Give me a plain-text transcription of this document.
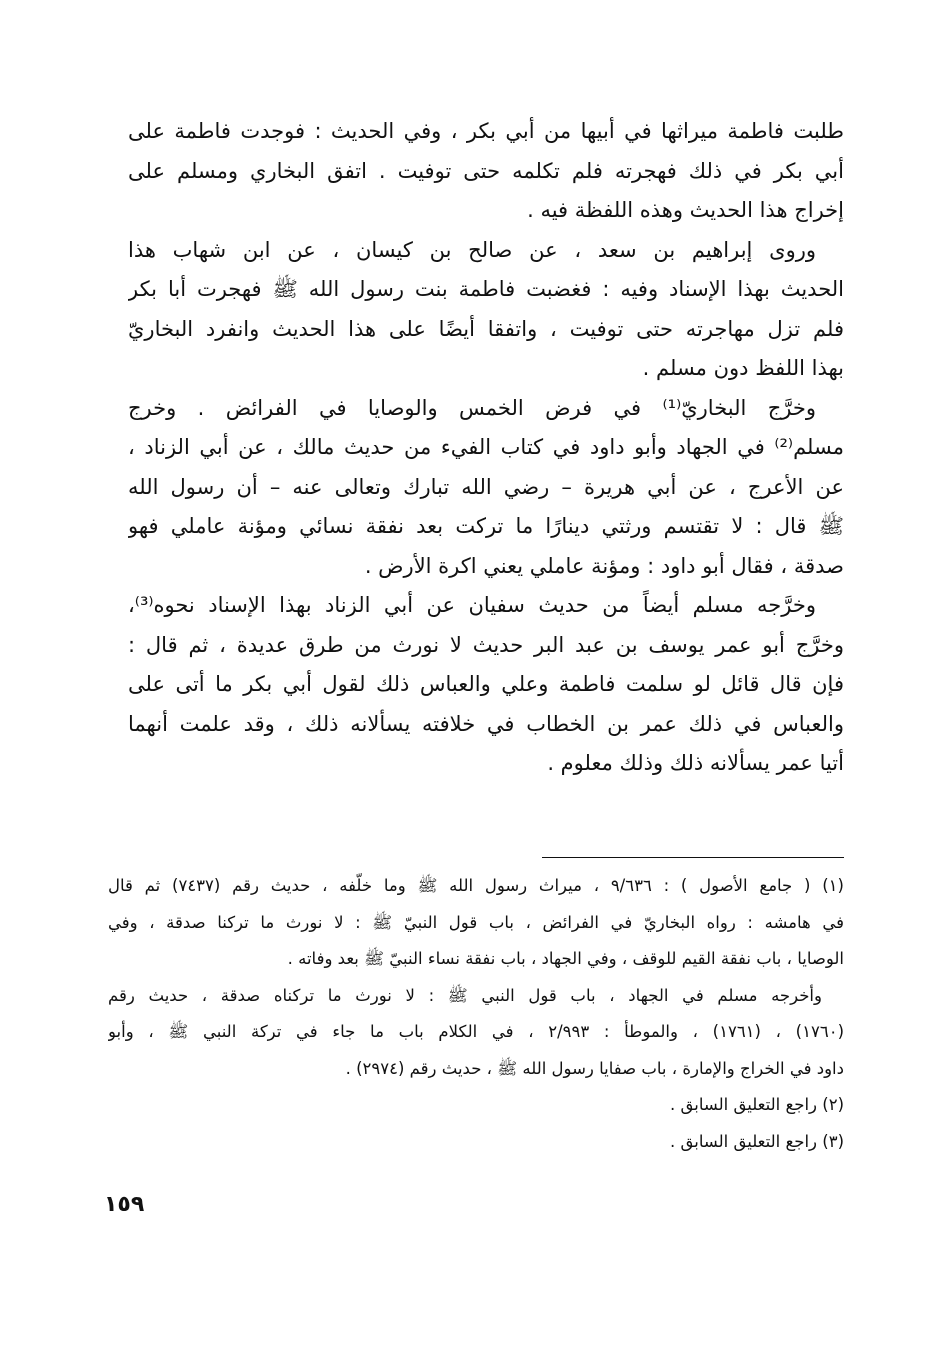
طلبت فاطمة ميراثها في أبيها من أبي بكر ، وفي الحديث : فوجدت فاطمة على
أبي بكر في ذلك فهجرته فلم تكلمه حتى توفيت . اتفق البخاري ومسلم على
إخراج هذا الحديث وهذه اللفظة فيه .
وروى إبراهيم بن سعد ، عن صالح بن كيسان ، عن ابن شهاب هذا
الحديث بهذا الإسناد وفيه : فغضبت فاطمة بنت رسول الله ﷺ فهجرت أبا بكر
فلم تزل مهاجرته حتى توفيت ، واتفقا أيضًا على هذا الحديث وانفرد البخاريّ
بهذا اللفظ دون مسلم .
وخرَّج البخاريّ⁽¹⁾ في فرض الخمس والوصايا في الفرائض . وخرج
مسلم⁽²⁾ في الجهاد وأبو داود في كتاب الفيء من حديث مالك ، عن أبي الزناد ،
عن الأعرج ، عن أبي هريرة – رضي الله تبارك وتعالى عنه – أن رسول الله
ﷺ قال : لا تقتسم ورثتي دينارًا ما تركت بعد نفقة نسائي ومؤنة عاملي فهو
صدقة ، فقال أبو داود : ومؤنة عاملي يعني اكرة الأرض .
وخرَّجه مسلم أيضاً من حديث سفيان عن أبي الزناد بهذا الإسناد نحوه⁽³⁾،
وخرَّج أبو عمر يوسف بن عبد البر حديث لا نورث من طرق عديدة ، ثم قال :
فإن قال قائل لو سلمت فاطمة وعلي والعباس ذلك لقول أبي بكر ما أتى على
والعباس في ذلك عمر بن الخطاب في خلافته يسألانه ذلك ، وقد علمت أنهما
أتيا عمر يسألانه ذلك وذلك معلوم .
(١) ( جامع الأصول ) : ٩/٦٣٦ ، ميراث رسول الله ﷺ وما خلّفه ، حديث رقم (٧٤٣٧) ثم قال
في هامشه : رواه البخاريّ في الفرائض ، باب قول النبيّ ﷺ : لا نورث ما تركنا صدقة ، وفي
الوصايا ، باب نفقة القيم للوقف ، وفي الجهاد ، باب نفقة نساء النبيّ ﷺ بعد وفاته .
وأخرجه مسلم في الجهاد ، باب قول النبي ﷺ : لا نورث ما تركناه صدقة ، حديث رقم
(١٧٦٠) ، (١٧٦١) ، والموطأ : ٢/٩٩٣ ، في الكلام باب ما جاء في تركة النبي ﷺ ، وأبو
داود في الخراج والإمارة ، باب صفايا رسول الله ﷺ ، حديث رقم (٢٩٧٤) .
(٢) راجع التعليق السابق .
(٣) راجع التعليق السابق .
١٥٩
